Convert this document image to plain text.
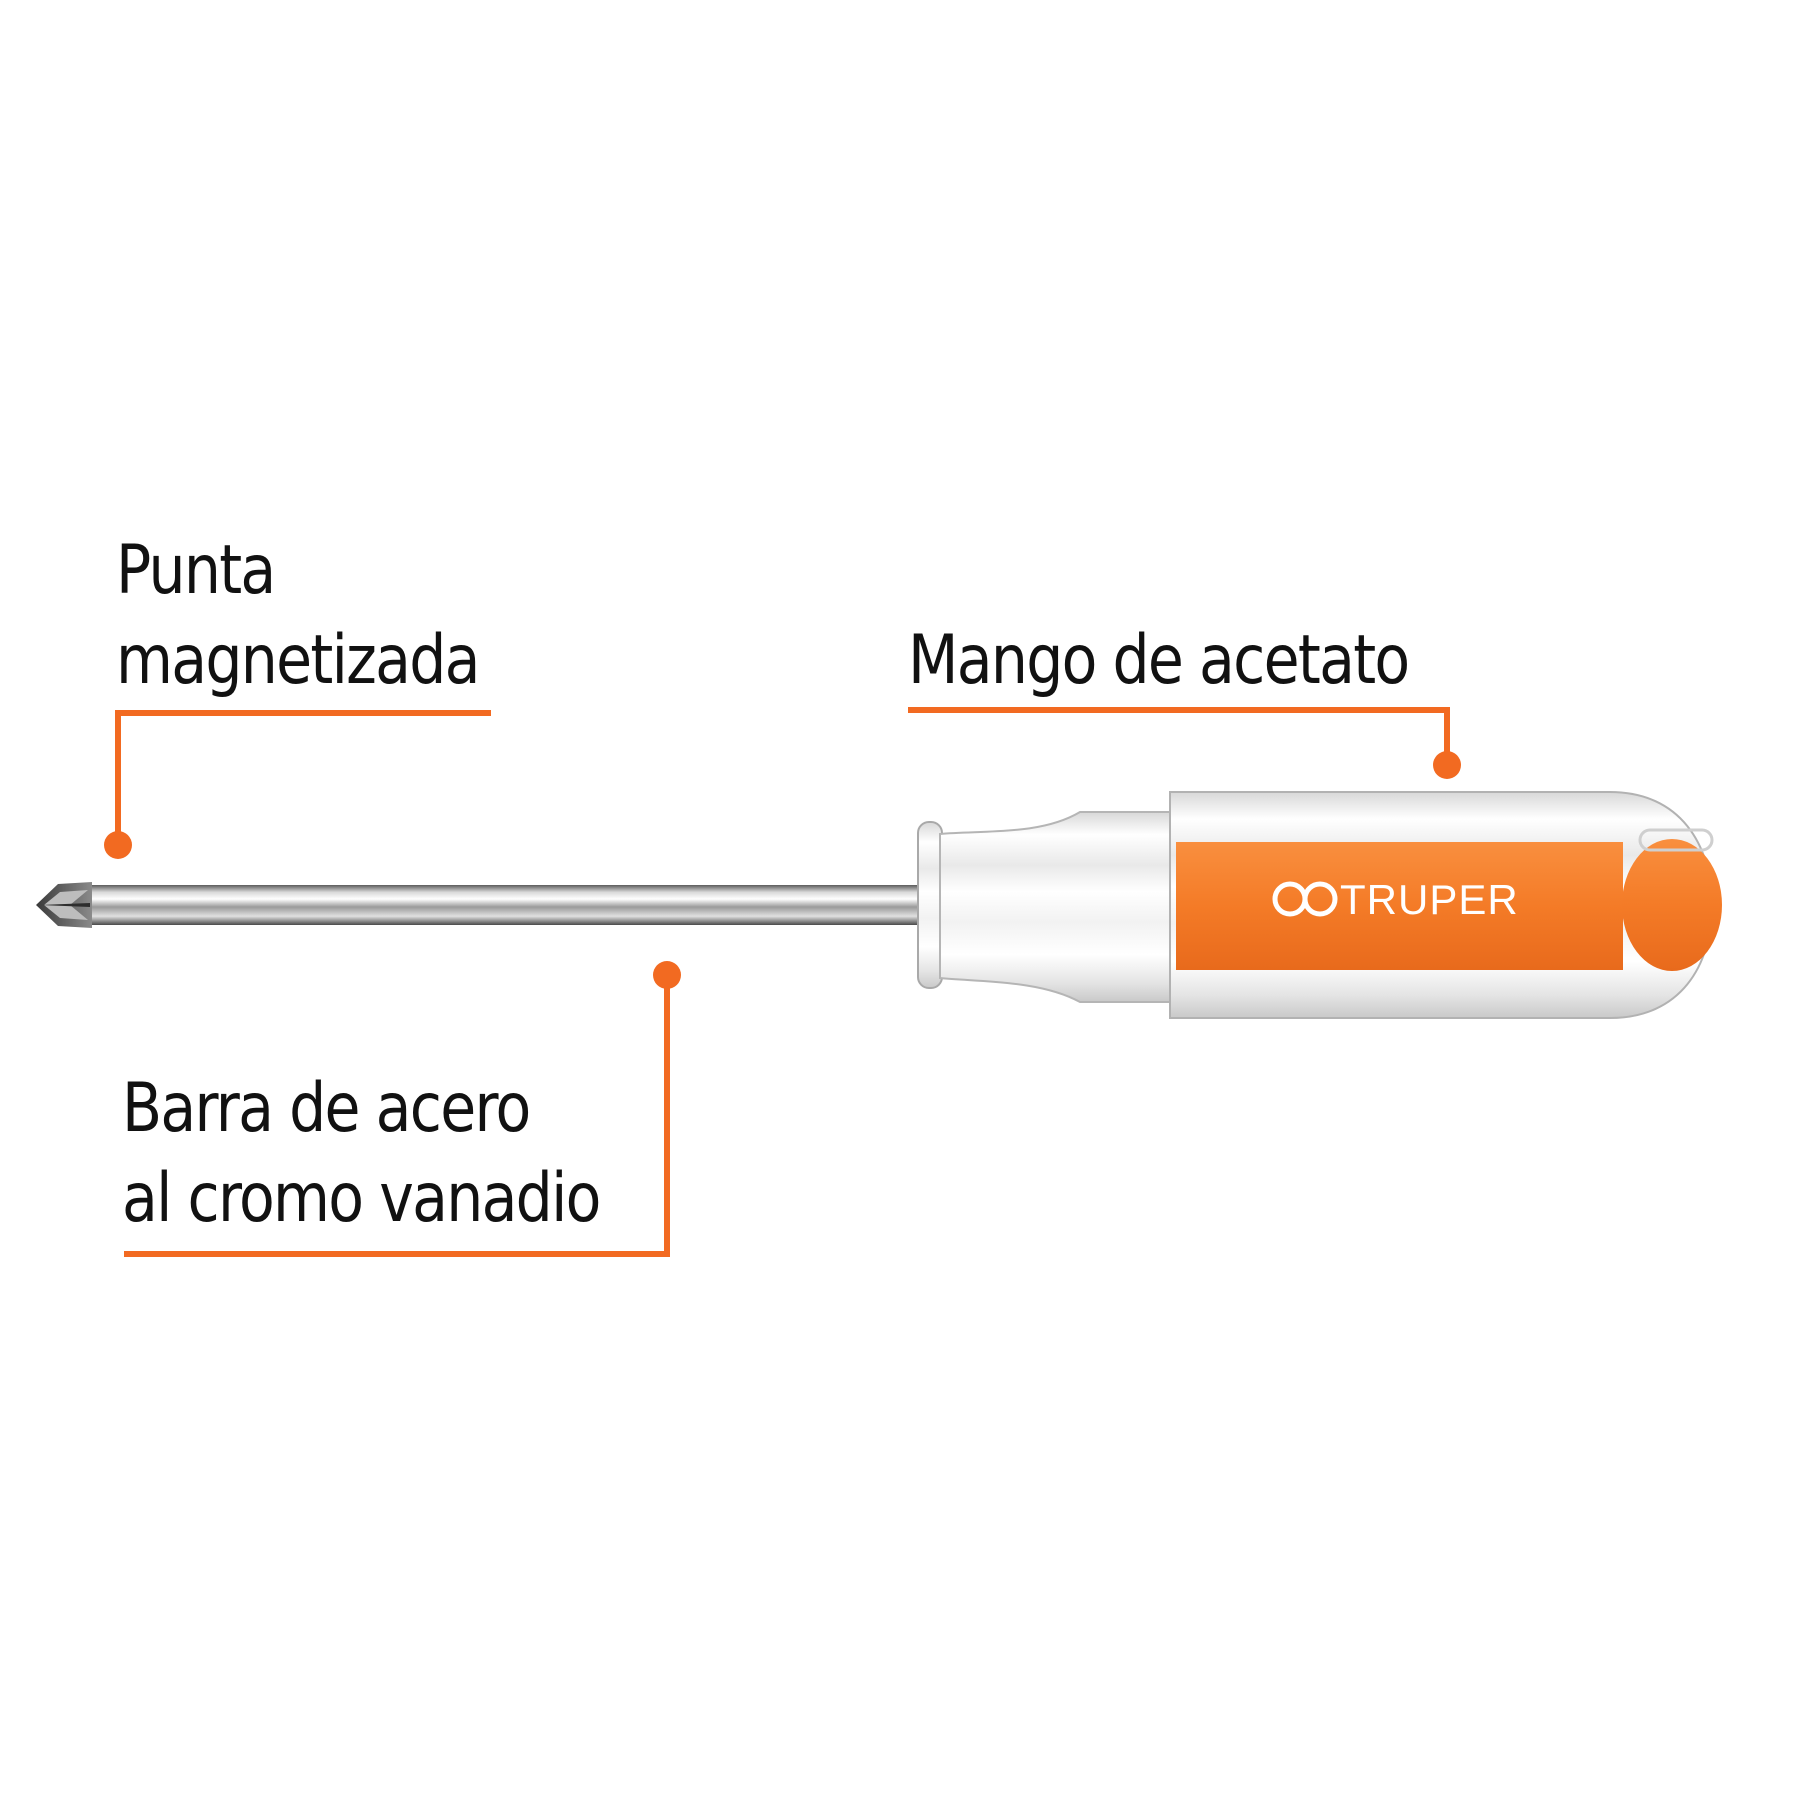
TRUPER

Punta
magnetizada	Mango de acetato

Barra de acero
al cromo vanadio
